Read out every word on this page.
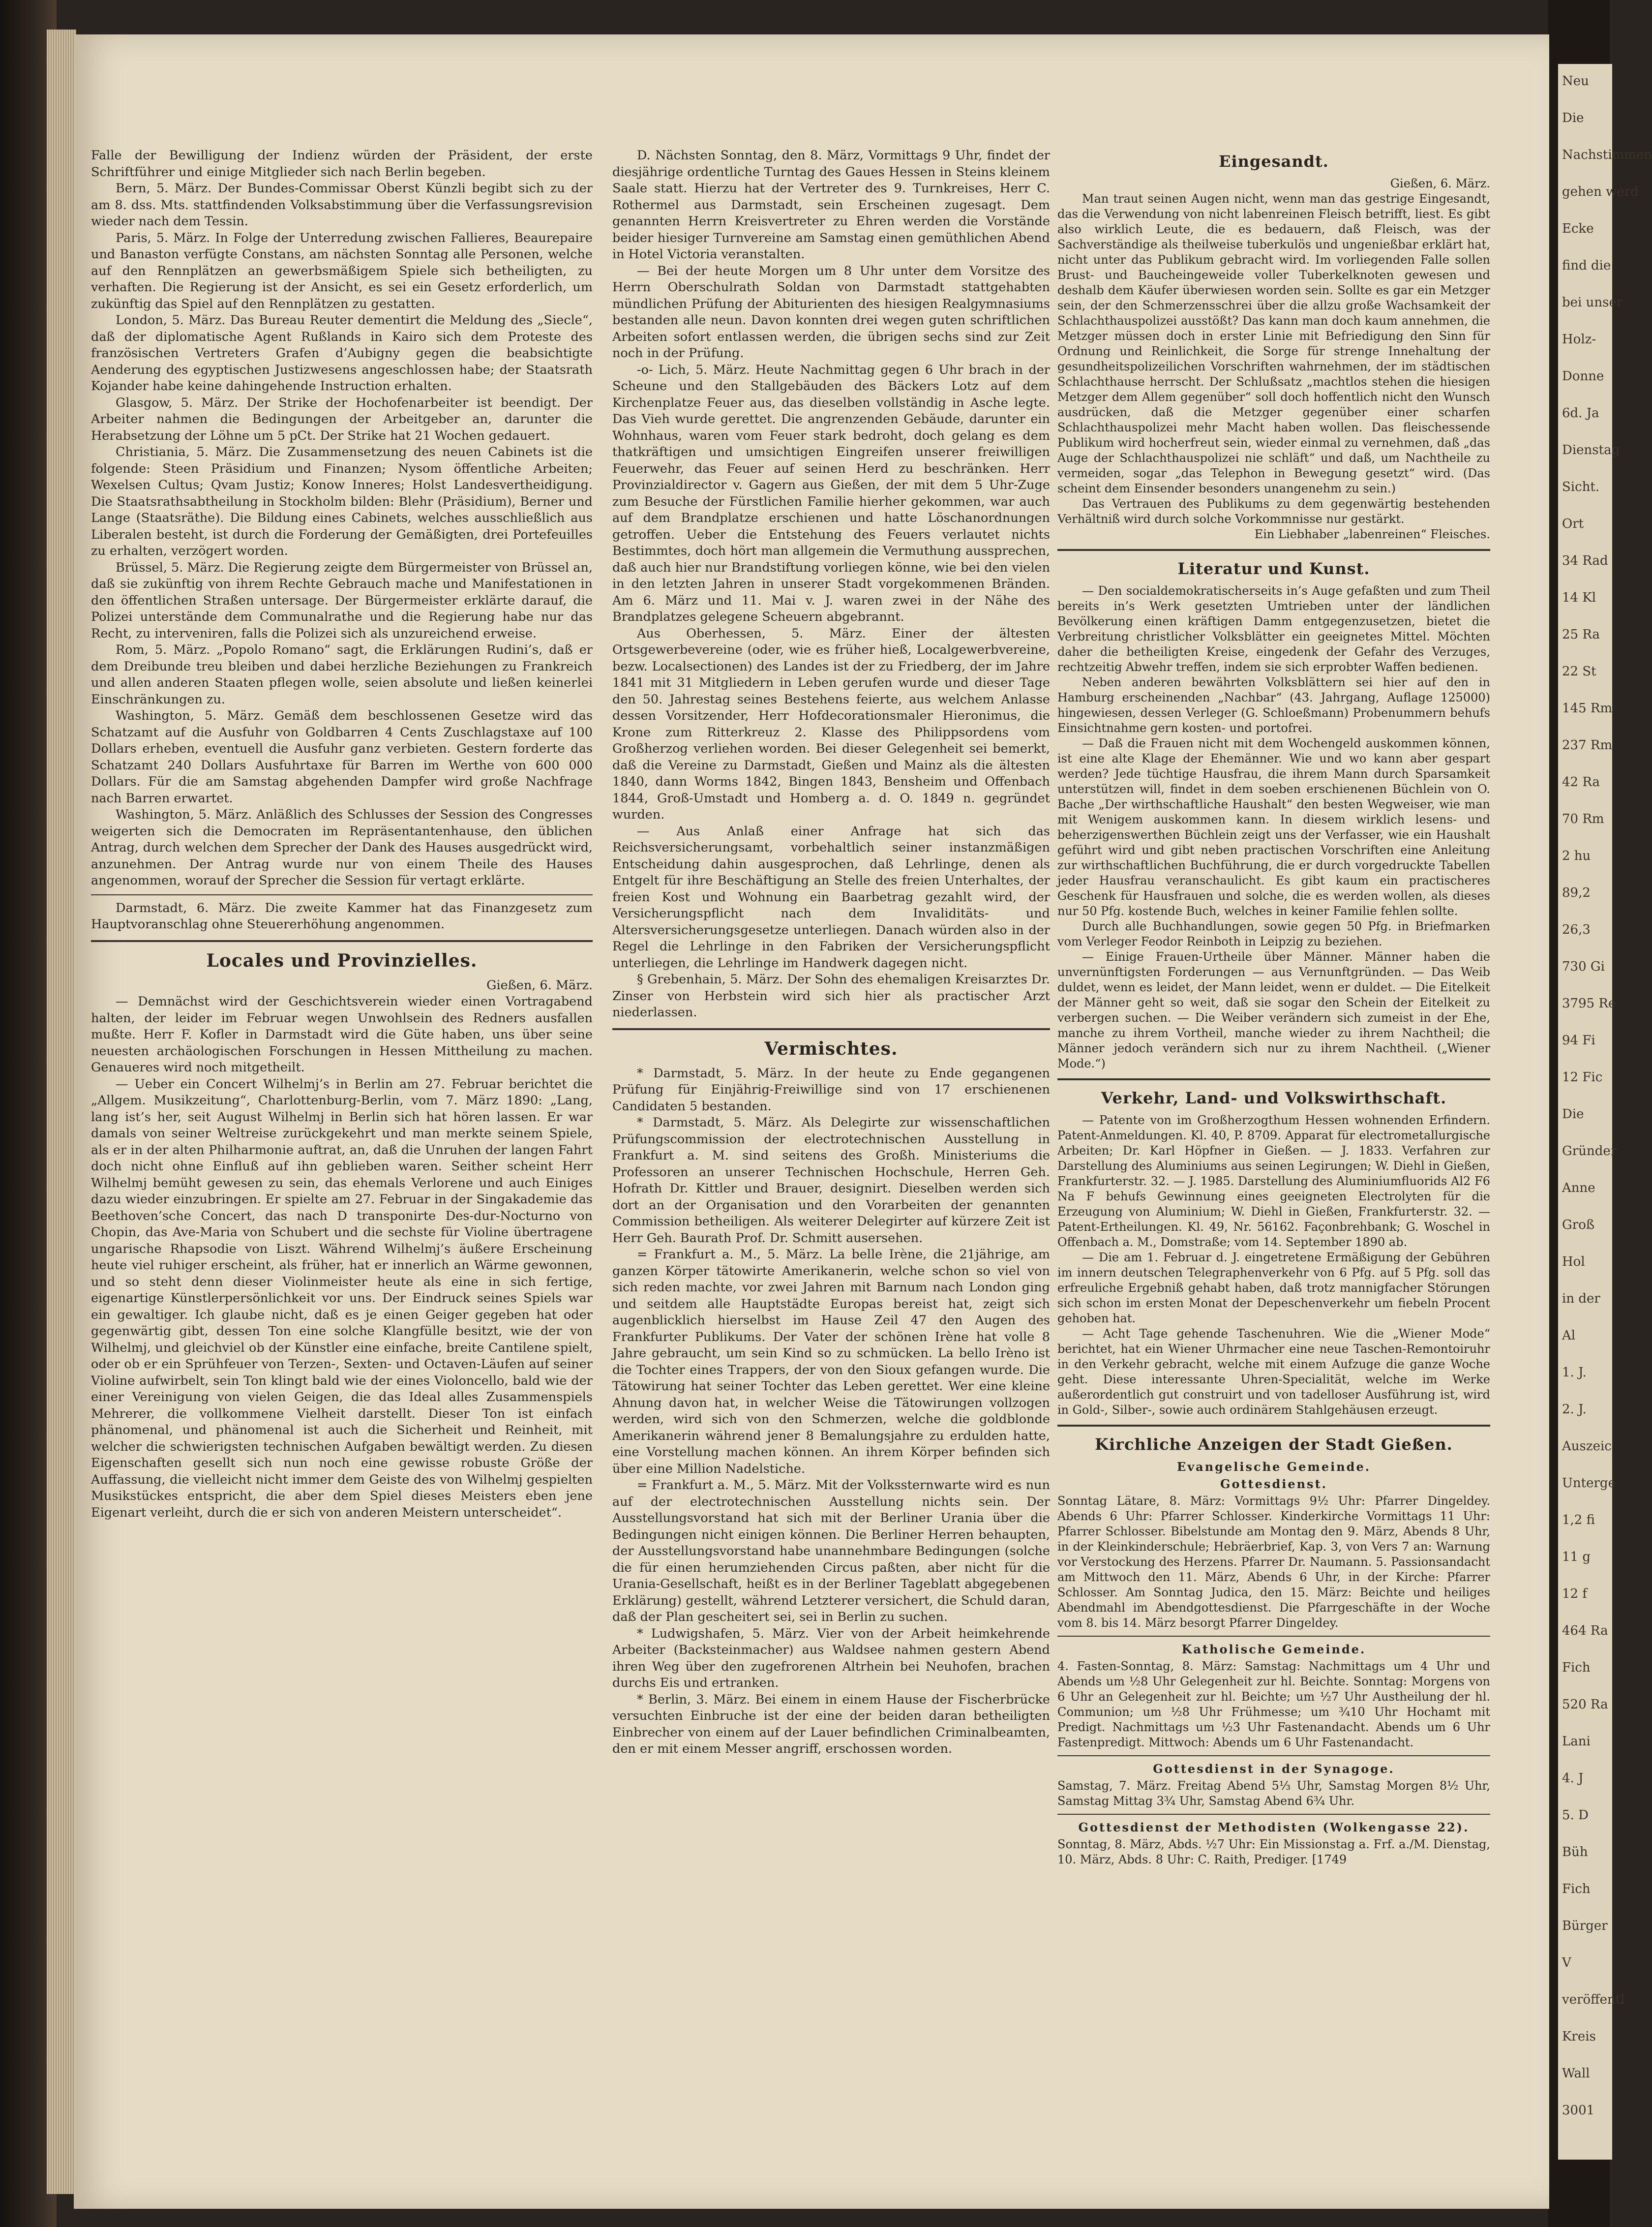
Falle der Bewilligung der Indienz würden der Präsident, der erste Schriftführer und einige Mitglieder sich nach Berlin begeben.

Bern, 5. März. Der Bundes-Commissar Oberst Künzli begibt sich zu der am 8. dss. Mts. stattfindenden Volksabstimmung über die Verfassungsrevision wieder nach dem Tessin.

Paris, 5. März. In Folge der Unterredung zwischen Fallieres, Beaurepaire und Banaston verfügte Constans, am nächsten Sonntag alle Personen, welche auf den Rennplätzen an gewerbsmäßigem Spiele sich betheiligten, zu verhaften. Die Regierung ist der Ansicht, es sei ein Gesetz erforderlich, um zukünftig das Spiel auf den Rennplätzen zu gestatten.

London, 5. März. Das Bureau Reuter dementirt die Meldung des „Siecle“, daß der diplomatische Agent Rußlands in Kairo sich dem Proteste des französischen Vertreters Grafen d’Aubigny gegen die beabsichtigte Aenderung des egyptischen Justizwesens angeschlossen habe; der Staatsrath Kojander habe keine dahingehende Instruction erhalten.

Glasgow, 5. März. Der Strike der Hochofenarbeiter ist beendigt. Der Arbeiter nahmen die Bedingungen der Arbeitgeber an, darunter die Herabsetzung der Löhne um 5 pCt. Der Strike hat 21 Wochen gedauert.

Christiania, 5. März. Die Zusammensetzung des neuen Cabinets ist die folgende: Steen Präsidium und Finanzen; Nysom öffentliche Arbeiten; Wexelsen Cultus; Qvam Justiz; Konow Inneres; Holst Landesvertheidigung. Die Staatsrathsabtheilung in Stockholm bilden: Blehr (Präsidium), Berner und Lange (Staatsräthe). Die Bildung eines Cabinets, welches ausschließlich aus Liberalen besteht, ist durch die Forderung der Gemäßigten, drei Portefeuilles zu erhalten, verzögert worden.

Brüssel, 5. März. Die Regierung zeigte dem Bürgermeister von Brüssel an, daß sie zukünftig von ihrem Rechte Gebrauch mache und Manifestationen in den öffentlichen Straßen untersage. Der Bürgermeister erklärte darauf, die Polizei unterstände dem Communalrathe und die Regierung habe nur das Recht, zu interveniren, falls die Polizei sich als unzureichend erweise.

Rom, 5. März. „Popolo Romano“ sagt, die Erklärungen Rudini’s, daß er dem Dreibunde treu bleiben und dabei herzliche Beziehungen zu Frankreich und allen anderen Staaten pflegen wolle, seien absolute und ließen keinerlei Einschränkungen zu.

Washington, 5. März. Gemäß dem beschlossenen Gesetze wird das Schatzamt auf die Ausfuhr von Goldbarren 4 Cents Zuschlagstaxe auf 100 Dollars erheben, eventuell die Ausfuhr ganz verbieten. Gestern forderte das Schatzamt 240 Dollars Ausfuhrtaxe für Barren im Werthe von 600 000 Dollars. Für die am Samstag abgehenden Dampfer wird große Nachfrage nach Barren erwartet.

Washington, 5. März. Anläßlich des Schlusses der Session des Congresses weigerten sich die Democraten im Repräsentantenhause, den üblichen Antrag, durch welchen dem Sprecher der Dank des Hauses ausgedrückt wird, anzunehmen. Der Antrag wurde nur von einem Theile des Hauses angenommen, worauf der Sprecher die Session für vertagt erklärte.

Darmstadt, 6. März. Die zweite Kammer hat das Finanzgesetz zum Hauptvoranschlag ohne Steuererhöhung angenommen.

Locales und Provinzielles.
Gießen, 6. März.

— Demnächst wird der Geschichtsverein wieder einen Vortragabend halten, der leider im Februar wegen Unwohlsein des Redners ausfallen mußte. Herr F. Kofler in Darmstadt wird die Güte haben, uns über seine neuesten archäologischen Forschungen in Hessen Mittheilung zu machen. Genaueres wird noch mitgetheilt.

— Ueber ein Concert Wilhelmj’s in Berlin am 27. Februar berichtet die „Allgem. Musikzeitung“, Charlottenburg-Berlin, vom 7. März 1890: „Lang, lang ist’s her, seit August Wilhelmj in Berlin sich hat hören lassen. Er war damals von seiner Weltreise zurückgekehrt und man merkte seinem Spiele, als er in der alten Philharmonie auftrat, an, daß die Unruhen der langen Fahrt doch nicht ohne Einfluß auf ihn geblieben waren. Seither scheint Herr Wilhelmj bemüht gewesen zu sein, das ehemals Verlorene und auch Einiges dazu wieder einzubringen. Er spielte am 27. Februar in der Singakademie das Beethoven’sche Concert, das nach D transponirte Des-dur-Nocturno von Chopin, das Ave-Maria von Schubert und die sechste für Violine übertragene ungarische Rhapsodie von Liszt. Während Wilhelmj’s äußere Erscheinung heute viel ruhiger erscheint, als früher, hat er innerlich an Wärme gewonnen, und so steht denn dieser Violinmeister heute als eine in sich fertige, eigenartige Künstlerpersönlichkeit vor uns. Der Eindruck seines Spiels war ein gewaltiger. Ich glaube nicht, daß es je einen Geiger gegeben hat oder gegenwärtig gibt, dessen Ton eine solche Klangfülle besitzt, wie der von Wilhelmj, und gleichviel ob der Künstler eine einfache, breite Cantilene spielt, oder ob er ein Sprühfeuer von Terzen-, Sexten- und Octaven-Läufen auf seiner Violine aufwirbelt, sein Ton klingt bald wie der eines Violoncello, bald wie der einer Vereinigung von vielen Geigen, die das Ideal alles Zusammenspiels Mehrerer, die vollkommene Vielheit darstellt. Dieser Ton ist einfach phänomenal, und phänomenal ist auch die Sicherheit und Reinheit, mit welcher die schwierigsten technischen Aufgaben bewältigt werden. Zu diesen Eigenschaften gesellt sich nun noch eine gewisse robuste Größe der Auffassung, die vielleicht nicht immer dem Geiste des von Wilhelmj gespielten Musikstückes entspricht, die aber dem Spiel dieses Meisters eben jene Eigenart verleiht, durch die er sich von anderen Meistern unterscheidet“.

D. Nächsten Sonntag, den 8. März, Vormittags 9 Uhr, findet der diesjährige ordentliche Turntag des Gaues Hessen in Steins kleinem Saale statt. Hierzu hat der Vertreter des 9. Turnkreises, Herr C. Rothermel aus Darmstadt, sein Erscheinen zugesagt. Dem genannten Herrn Kreisvertreter zu Ehren werden die Vorstände beider hiesiger Turnvereine am Samstag einen gemüthlichen Abend in Hotel Victoria veranstalten.

— Bei der heute Morgen um 8 Uhr unter dem Vorsitze des Herrn Oberschulrath Soldan von Darmstadt stattgehabten mündlichen Prüfung der Abiturienten des hiesigen Realgymnasiums bestanden alle neun. Davon konnten drei wegen guten schriftlichen Arbeiten sofort entlassen werden, die übrigen sechs sind zur Zeit noch in der Prüfung.

-o- Lich, 5. März. Heute Nachmittag gegen 6 Uhr brach in der Scheune und den Stallgebäuden des Bäckers Lotz auf dem Kirchenplatze Feuer aus, das dieselben vollständig in Asche legte. Das Vieh wurde gerettet. Die angrenzenden Gebäude, darunter ein Wohnhaus, waren vom Feuer stark bedroht, doch gelang es dem thatkräftigen und umsichtigen Eingreifen unserer freiwilligen Feuerwehr, das Feuer auf seinen Herd zu beschränken. Herr Provinzialdirector v. Gagern aus Gießen, der mit dem 5 Uhr-Zuge zum Besuche der Fürstlichen Familie hierher gekommen, war auch auf dem Brandplatze erschienen und hatte Löschanordnungen getroffen. Ueber die Entstehung des Feuers verlautet nichts Bestimmtes, doch hört man allgemein die Vermuthung aussprechen, daß auch hier nur Brandstiftung vorliegen könne, wie bei den vielen in den letzten Jahren in unserer Stadt vorgekommenen Bränden. Am 6. März und 11. Mai v. J. waren zwei in der Nähe des Brandplatzes gelegene Scheuern abgebrannt.

Aus Oberhessen, 5. März. Einer der ältesten Ortsgewerbevereine (oder, wie es früher hieß, Localgewerbvereine, bezw. Localsectionen) des Landes ist der zu Friedberg, der im Jahre 1841 mit 31 Mitgliedern in Leben gerufen wurde und dieser Tage den 50. Jahrestag seines Bestehens feierte, aus welchem Anlasse dessen Vorsitzender, Herr Hofdecorationsmaler Hieronimus, die Krone zum Ritterkreuz 2. Klasse des Philippsordens vom Großherzog verliehen worden. Bei dieser Gelegenheit sei bemerkt, daß die Vereine zu Darmstadt, Gießen und Mainz als die ältesten 1840, dann Worms 1842, Bingen 1843, Bensheim und Offenbach 1844, Groß-Umstadt und Homberg a. d. O. 1849 n. gegründet wurden.

— Aus Anlaß einer Anfrage hat sich das Reichsversicherungsamt, vorbehaltlich seiner instanzmäßigen Entscheidung dahin ausgesprochen, daß Lehrlinge, denen als Entgelt für ihre Beschäftigung an Stelle des freien Unterhaltes, der freien Kost und Wohnung ein Baarbetrag gezahlt wird, der Versicherungspflicht nach dem Invaliditäts- und Altersversicherungsgesetze unterliegen. Danach würden also in der Regel die Lehrlinge in den Fabriken der Versicherungspflicht unterliegen, die Lehrlinge im Handwerk dagegen nicht.

§ Grebenhain, 5. März. Der Sohn des ehemaligen Kreisarztes Dr. Zinser von Herbstein wird sich hier als practischer Arzt niederlassen.

Vermischtes.

* Darmstadt, 5. März. In der heute zu Ende gegangenen Prüfung für Einjährig-Freiwillige sind von 17 erschienenen Candidaten 5 bestanden.

* Darmstadt, 5. März. Als Delegirte zur wissenschaftlichen Prüfungscommission der electrotechnischen Ausstellung in Frankfurt a. M. sind seitens des Großh. Ministeriums die Professoren an unserer Technischen Hochschule, Herren Geh. Hofrath Dr. Kittler und Brauer, designirt. Dieselben werden sich dort an der Organisation und den Vorarbeiten der genannten Commission betheiligen. Als weiterer Delegirter auf kürzere Zeit ist Herr Geh. Baurath Prof. Dr. Schmitt ausersehen.

= Frankfurt a. M., 5. März. La belle Irène, die 21jährige, am ganzen Körper tätowirte Amerikanerin, welche schon so viel von sich reden machte, vor zwei Jahren mit Barnum nach London ging und seitdem alle Hauptstädte Europas bereist hat, zeigt sich augenblicklich hierselbst im Hause Zeil 47 den Augen des Frankfurter Publikums. Der Vater der schönen Irène hat volle 8 Jahre gebraucht, um sein Kind so zu schmücken. La bello Irèno ist die Tochter eines Trappers, der von den Sioux gefangen wurde. Die Tätowirung hat seiner Tochter das Leben gerettet. Wer eine kleine Ahnung davon hat, in welcher Weise die Tätowirungen vollzogen werden, wird sich von den Schmerzen, welche die goldblonde Amerikanerin während jener 8 Bemalungsjahre zu erdulden hatte, eine Vorstellung machen können. An ihrem Körper befinden sich über eine Million Nadelstiche.

= Frankfurt a. M., 5. März. Mit der Volkssternwarte wird es nun auf der electrotechnischen Ausstellung nichts sein. Der Ausstellungsvorstand hat sich mit der Berliner Urania über die Bedingungen nicht einigen können. Die Berliner Herren behaupten, der Ausstellungsvorstand habe unannehmbare Bedingungen (solche die für einen herumziehenden Circus paßten, aber nicht für die Urania-Gesellschaft, heißt es in der Berliner Tageblatt abgegebenen Erklärung) gestellt, während Letzterer versichert, die Schuld daran, daß der Plan gescheitert sei, sei in Berlin zu suchen.

* Ludwigshafen, 5. März. Vier von der Arbeit heimkehrende Arbeiter (Backsteinmacher) aus Waldsee nahmen gestern Abend ihren Weg über den zugefrorenen Altrhein bei Neuhofen, brachen durchs Eis und ertranken.

* Berlin, 3. März. Bei einem in einem Hause der Fischerbrücke versuchten Einbruche ist der eine der beiden daran betheiligten Einbrecher von einem auf der Lauer befindlichen Criminalbeamten, den er mit einem Messer angriff, erschossen worden.

Eingesandt.
Gießen, 6. März.

Man traut seinen Augen nicht, wenn man das gestrige Eingesandt, das die Verwendung von nicht labenreinen Fleisch betrifft, liest. Es gibt also wirklich Leute, die es bedauern, daß Fleisch, was der Sachverständige als theilweise tuberkulös und ungenießbar erklärt hat, nicht unter das Publikum gebracht wird. Im vorliegenden Falle sollen Brust- und Bauchеingeweide voller Tuberkelknoten gewesen und deshalb dem Käufer überwiesen worden sein. Sollte es gar ein Metzger sein, der den Schmerzensschrei über die allzu große Wachsamkeit der Schlachthauspolizei ausstößt? Das kann man doch kaum annehmen, die Metzger müssen doch in erster Linie mit Befriedigung den Sinn für Ordnung und Reinlichkeit, die Sorge für strenge Innehaltung der gesundheitspolizeilichen Vorschriften wahrnehmen, der im städtischen Schlachthause herrscht. Der Schlußsatz „machtlos stehen die hiesigen Metzger dem Allem gegenüber“ soll doch hoffentlich nicht den Wunsch ausdrücken, daß die Metzger gegenüber einer scharfen Schlachthauspolizei mehr Macht haben wollen. Das fleischessende Publikum wird hocherfreut sein, wieder einmal zu vernehmen, daß „das Auge der Schlachthauspolizei nie schläft“ und daß, um Nachtheile zu vermeiden, sogar „das Telephon in Bewegung gesetzt“ wird. (Das scheint dem Einsender besonders unangenehm zu sein.)

Das Vertrauen des Publikums zu dem gegenwärtig bestehenden Verhältniß wird durch solche Vorkommnisse nur gestärkt.

Ein Liebhaber „labenreinen“ Fleisches.
Literatur und Kunst.

— Den socialdemokratischerseits in’s Auge gefaßten und zum Theil bereits in’s Werk gesetzten Umtrieben unter der ländlichen Bevölkerung einen kräftigen Damm entgegenzusetzen, bietet die Verbreitung christlicher Volksblätter ein geeignetes Mittel. Möchten daher die betheiligten Kreise, eingedenk der Gefahr des Verzuges, rechtzeitig Abwehr treffen, indem sie sich erprobter Waffen bedienen.

Neben anderen bewährten Volksblättern sei hier auf den in Hamburg erscheinenden „Nachbar“ (43. Jahrgang, Auflage 125000) hingewiesen, dessen Verleger (G. Schloeßmann) Probenummern behufs Einsichtnahme gern kosten- und portofrei.

— Daß die Frauen nicht mit dem Wochengeld auskommen können, ist eine alte Klage der Ehemänner. Wie und wo kann aber gespart werden? Jede tüchtige Hausfrau, die ihrem Mann durch Sparsamkeit unterstützen will, findet in dem soeben erschienenen Büchlein von O. Bache „Der wirthschaftliche Haushalt“ den besten Wegweiser, wie man mit Wenigem auskommen kann. In diesem wirklich lesens- und beherzigenswerthen Büchlein zeigt uns der Verfasser, wie ein Haushalt geführt wird und gibt neben practischen Vorschriften eine Anleitung zur wirthschaftlichen Buchführung, die er durch vorgedruckte Tabellen jeder Hausfrau veranschaulicht. Es gibt kaum ein practischeres Geschenk für Hausfrauen und solche, die es werden wollen, als dieses nur 50 Pfg. kostende Buch, welches in keiner Familie fehlen sollte.

Durch alle Buchhandlungen, sowie gegen 50 Pfg. in Briefmarken vom Verleger Feodor Reinboth in Leipzig zu beziehen.

— Einige Frauen-Urtheile über Männer. Männer haben die unvernünftigsten Forderungen — aus Vernunftgründen. — Das Weib duldet, wenn es leidet, der Mann leidet, wenn er duldet. — Die Eitelkeit der Männer geht so weit, daß sie sogar den Schein der Eitelkeit zu verbergen suchen. — Die Weiber verändern sich zumeist in der Ehe, manche zu ihrem Vortheil, manche wieder zu ihrem Nachtheil; die Männer jedoch verändern sich nur zu ihrem Nachtheil. („Wiener Mode.“)

Verkehr, Land- und Volkswirthschaft.

— Patente von im Großherzogthum Hessen wohnenden Erfindern. Patent-Anmeldungen. Kl. 40, P. 8709. Apparat für electrometallurgische Arbeiten; Dr. Karl Höpfner in Gießen. — J. 1833. Verfahren zur Darstellung des Aluminiums aus seinen Legirungen; W. Diehl in Gießen, Frankfurterstr. 32. — J. 1985. Darstellung des Aluminiumfluorids Al2 F6 Na F behufs Gewinnung eines geeigneten Electrolyten für die Erzeugung von Aluminium; W. Diehl in Gießen, Frankfurterstr. 32. — Patent-Ertheilungen. Kl. 49, Nr. 56162. Façonbrehbank; G. Woschel in Offenbach a. M., Domstraße; vom 14. September 1890 ab.

— Die am 1. Februar d. J. eingetretene Ermäßigung der Gebühren im innern deutschen Telegraphenverkehr von 6 Pfg. auf 5 Pfg. soll das erfreuliche Ergebniß gehabt haben, daß trotz mannigfacher Störungen sich schon im ersten Monat der Depeschenverkehr um fiebeln Procent gehoben hat.

— Acht Tage gehende Taschenuhren. Wie die „Wiener Mode“ berichtet, hat ein Wiener Uhrmacher eine neue Taschen-Remontoiruhr in den Verkehr gebracht, welche mit einem Aufzuge die ganze Woche geht. Diese interessante Uhren-Specialität, welche im Werke außerordentlich gut construirt und von tadelloser Ausführung ist, wird in Gold-, Silber-, sowie auch ordinärem Stahlgehäusen erzeugt.

Kirchliche Anzeigen der Stadt Gießen.
Evangelische Gemeinde.
Gottesdienst.

Sonntag Lätare, 8. März: Vormittags 9½ Uhr: Pfarrer Dingeldey. Abends 6 Uhr: Pfarrer Schlosser. Kinderkirche Vormittags 11 Uhr: Pfarrer Schlosser. Bibelstunde am Montag den 9. März, Abends 8 Uhr, in der Kleinkinderschule; Hebräerbrief, Kap. 3, von Vers 7 an: Warnung vor Verstockung des Herzens. Pfarrer Dr. Naumann. 5. Passionsandacht am Mittwoch den 11. März, Abends 6 Uhr, in der Kirche: Pfarrer Schlosser. Am Sonntag Judica, den 15. März: Beichte und heiliges Abendmahl im Abendgottesdienst. Die Pfarrgeschäfte in der Woche vom 8. bis 14. März besorgt Pfarrer Dingeldey.

Katholische Gemeinde.

4. Fasten-Sonntag, 8. März: Samstag: Nachmittags um 4 Uhr und Abends um ½8 Uhr Gelegenheit zur hl. Beichte. Sonntag: Morgens von 6 Uhr an Gelegenheit zur hl. Beichte; um ½7 Uhr Austheilung der hl. Communion; um ½8 Uhr Frühmesse; um ¾10 Uhr Hochamt mit Predigt. Nachmittags um ½3 Uhr Fastenandacht. Abends um 6 Uhr Fastenpredigt. Mittwoch: Abends um 6 Uhr Fastenandacht.

Gottesdienst in der Synagoge.

Samstag, 7. März. Freitag Abend 5⅓ Uhr, Samstag Morgen 8½ Uhr, Samstag Mittag 3¾ Uhr, Samstag Abend 6¾ Uhr.

Gottesdienst der Methodisten (Wolkengasse 22).

Sonntag, 8. März, Abds. ½7 Uhr: Ein Missionstag a. Frf. a./M. Dienstag, 10. März, Abds. 8 Uhr: C. Raith, Prediger. [1749

Neu
Die
Nachstimmen
gehen werd
Ecke
find die
bei unser
Holz-
Donne
6d. Ja
Dienstag
Sicht.
Ort
34 Rad
14 Kl
25 Ra
22 St
145 Rm
237 Rm
42 Ra
70 Rm
2 hu
89,2
26,3
730 Gi
3795 Re
94 Fi
12 Fic
Die
Gründer
Anne
Groß
Hol
in der
Al
1. J.
2. J.
Auszeic
Unterge
1,2 fi
11 g
12 f
464 Ra
Fich
520 Ra
Lani
4. J
5. D
Büh
Fich
Bürger
V
veröffentl
Kreis
Wall
3001
